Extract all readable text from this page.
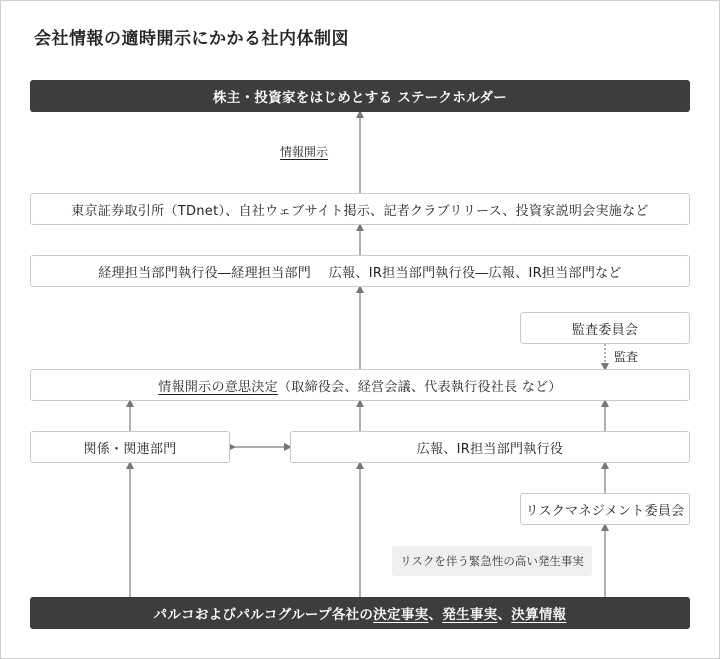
会社情報の適時開示にかかる社内体制図
株主・投資家をはじめとする ステークホルダー
情報開示
東京証券取引所（TDnet）、自社ウェブサイト掲示、記者クラブリリース、投資家説明会実施など
経理担当部門執行役―経理担当部門　 広報、IR担当部門執行役―広報、IR担当部門など
監査委員会
監査
情報開示の意思決定 （取締役会、経営会議、代表執行役社長 など）
関係・関連部門	広報、IR担当部門執行役
リスクマネジメント委員会
リスクを伴う緊急性の高い発生事実
パルコおよびパルコグループ各社の 決定事実 、 発生事実 、 決算情報
